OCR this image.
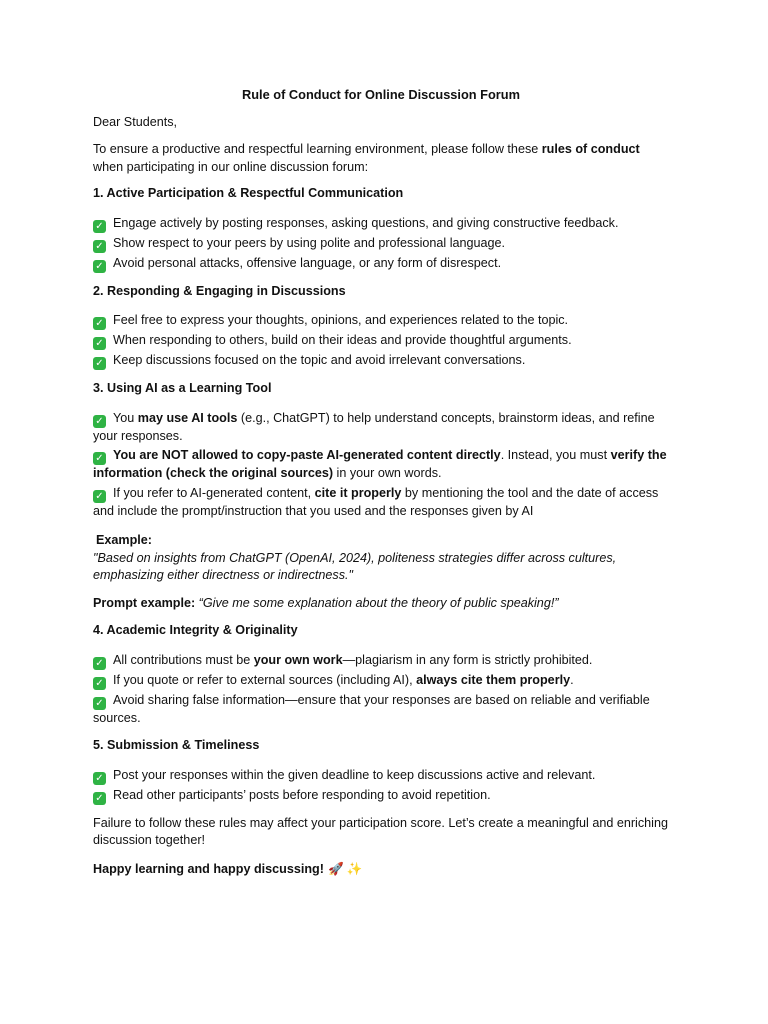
Rule of Conduct for Online Discussion Forum

Dear Students,

To ensure a productive and respectful learning environment, please follow these rules of conduct when participating in our online discussion forum:

1. Active Participation & Respectful Communication

✓ Engage actively by posting responses, asking questions, and giving constructive feedback.
✓ Show respect to your peers by using polite and professional language.
✓ Avoid personal attacks, offensive language, or any form of disrespect.

2. Responding & Engaging in Discussions

✓ Feel free to express your thoughts, opinions, and experiences related to the topic.
✓ When responding to others, build on their ideas and provide thoughtful arguments.
✓ Keep discussions focused on the topic and avoid irrelevant conversations.

3. Using AI as a Learning Tool

✓ You may use AI tools (e.g., ChatGPT) to help understand concepts, brainstorm ideas, and refine your responses.
✓ You are NOT allowed to copy-paste AI-generated content directly. Instead, you must verify the information (check the original sources) in your own words.
✓ If you refer to AI-generated content, cite it properly by mentioning the tool and the date of access and include the prompt/instruction that you used and the responses given by AI

Example:

"Based on insights from ChatGPT (OpenAI, 2024), politeness strategies differ across cultures, emphasizing either directness or indirectness."

Prompt example: “Give me some explanation about the theory of public speaking!”

4. Academic Integrity & Originality

✓ All contributions must be your own work—plagiarism in any form is strictly prohibited.
✓ If you quote or refer to external sources (including AI), always cite them properly.
✓ Avoid sharing false information—ensure that your responses are based on reliable and verifiable sources.

5. Submission & Timeliness

✓ Post your responses within the given deadline to keep discussions active and relevant.
✓ Read other participants’ posts before responding to avoid repetition.

Failure to follow these rules may affect your participation score. Let’s create a meaningful and enriching discussion together!

Happy learning and happy discussing! 🚀 ✨
